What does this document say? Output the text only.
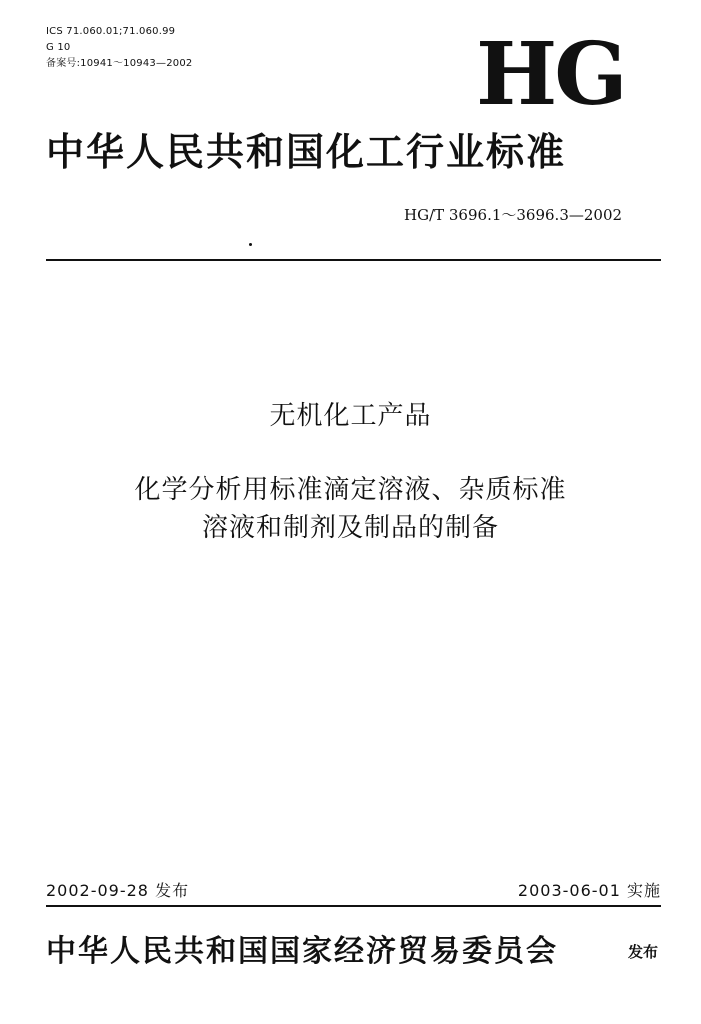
ICS 71.060.01;71.060.99
G 10
备案号:10941～10943—2002	HG
中华人民共和国化工行业标准
HG/T 3696.1～3696.3—2002
无机化工产品
化学分析用标准滴定溶液、杂质标准
溶液和制剂及制品的制备
2002-09-28 发布	2003-06-01 实施
中华人民共和国国家经济贸易委员会	发布
